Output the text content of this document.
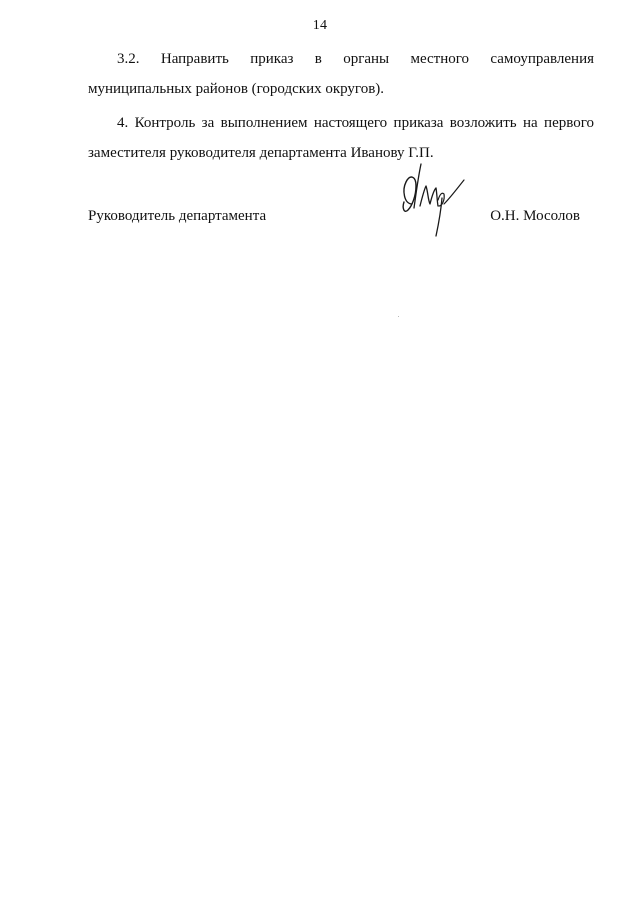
14

3.2. Направить приказ в органы местного самоуправления муниципальных районов (городских округов).

4. Контроль за выполнением настоящего приказа возложить на первого заместителя руководителя департамента Иванову Г.П.

Руководитель департамента	О.Н. Мосолов
